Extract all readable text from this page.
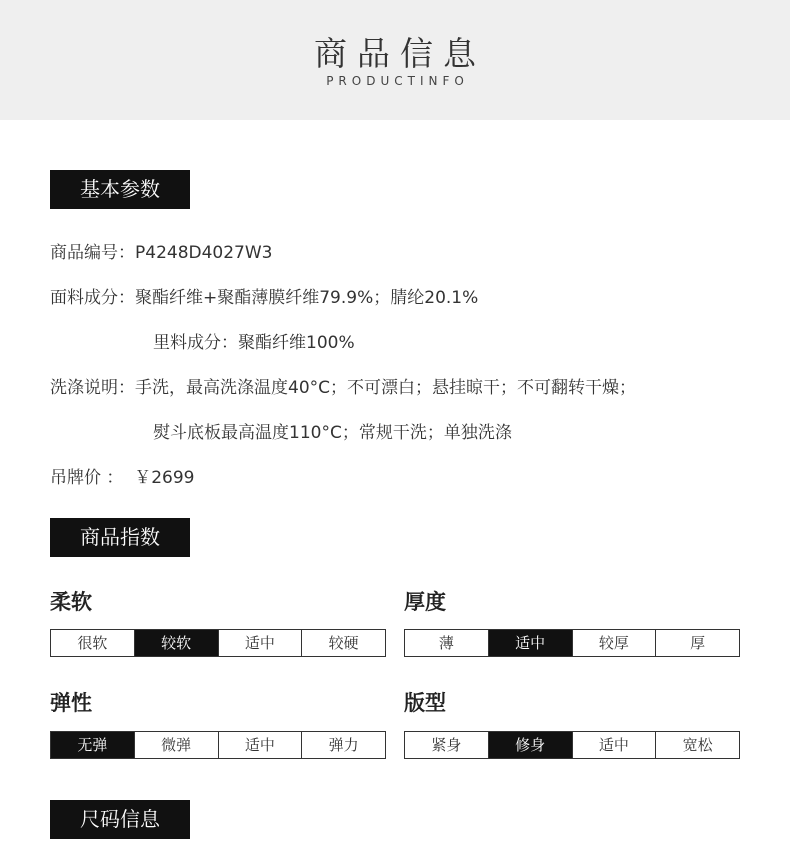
商品信息
PRODUCTINFO
基本参数
商品编号：P4248D4027W3
面料成分：聚酯纤维+聚酯薄膜纤维79.9%；腈纶20.1%
里料成分：聚酯纤维100%
洗涤说明：手洗，最高洗涤温度40°C；不可漂白；悬挂晾干；不可翻转干燥；
熨斗底板最高温度110°C；常规干洗；单独洗涤
吊牌价 ： ￥2699
商品指数
柔软
很软	较软	适中	较硬
厚度
薄	适中	较厚	厚
弹性
无弹	微弹	适中	弹力
版型
紧身	修身	适中	宽松
尺码信息
